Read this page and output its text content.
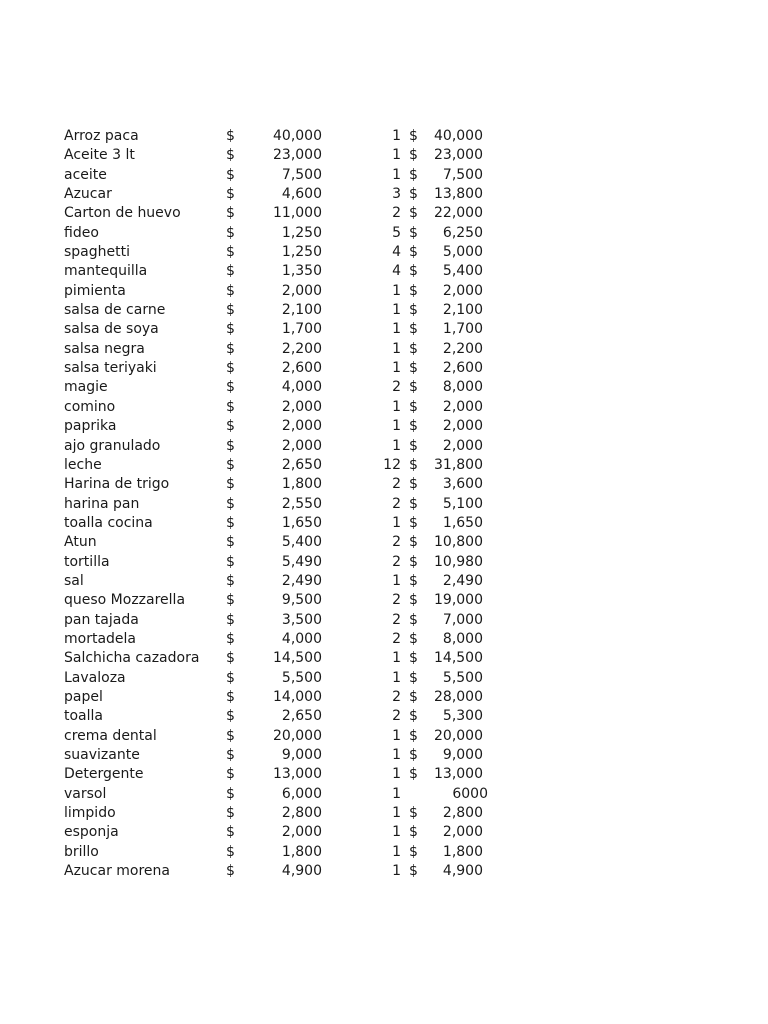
Arroz paca	$	40,000	1 $ 40,000
Aceite 3 lt	$	23,000	1 $ 23,000
aceite	$	7,500	1 $ 7,500
Azucar	$	4,600	3 $ 13,800
Carton de huevo	$	11,000	2 $ 22,000
fideo	$	1,250	5 $ 6,250
spaghetti	$	1,250	4 $ 5,000
mantequilla	$	1,350	4 $ 5,400
pimienta	$	2,000	1 $ 2,000
salsa de carne	$	2,100	1 $ 2,100
salsa de soya	$	1,700	1 $ 1,700
salsa negra	$	2,200	1 $ 2,200
salsa teriyaki	$	2,600	1 $ 2,600
magie	$	4,000	2 $ 8,000
comino	$	2,000	1 $ 2,000
paprika	$	2,000	1 $ 2,000
ajo granulado	$	2,000	1 $ 2,000
leche	$	2,650	12 $ 31,800
Harina de trigo	$	1,800	2 $ 3,600
harina pan	$	2,550	2 $ 5,100
toalla cocina	$	1,650	1 $ 1,650
Atun	$	5,400	2 $ 10,800
tortilla	$	5,490	2 $ 10,980
sal	$	2,490	1 $ 2,490
queso Mozzarella	$	9,500	2 $ 19,000
pan tajada	$	3,500	2 $ 7,000
mortadela	$	4,000	2 $ 8,000
Salchicha cazadora $	14,500	1 $ 14,500
Lavaloza	$	5,500	1 $ 5,500
papel	$	14,000	2 $ 28,000
toalla	$	2,650	2 $ 5,300
crema dental	$	20,000	1 $ 20,000
suavizante	$	9,000	1 $ 9,000
Detergente	$	13,000	1 $ 13,000
varsol	$	6,000	1	6000
limpido	$	2,800	1 $ 2,800
esponja	$	2,000	1 $ 2,000
brillo	$	1,800	1 $ 1,800
Azucar morena	$	4,900	1 $ 4,900
